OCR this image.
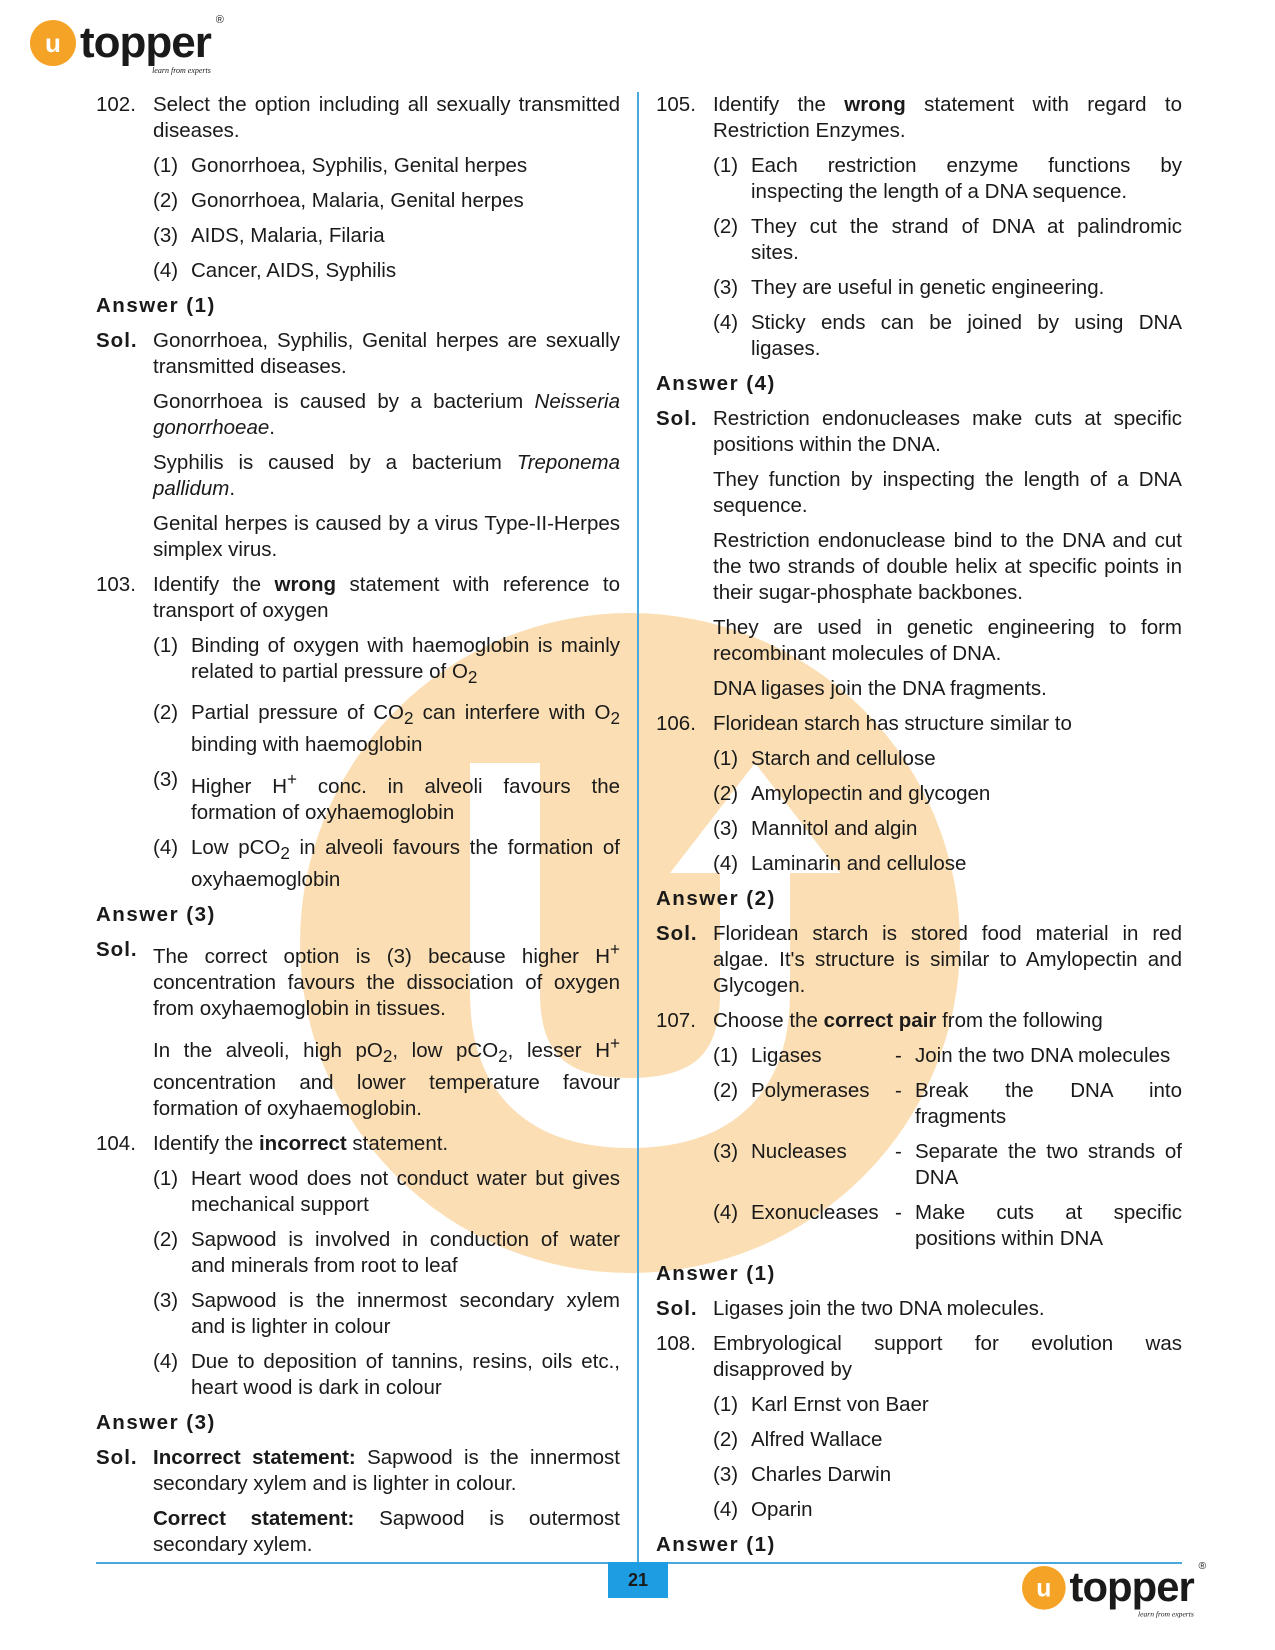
u topper ®
learn from experts
102. Select the option including all sexually transmitted diseases.
(1) Gonorrhoea, Syphilis, Genital herpes
(2) Gonorrhoea, Malaria, Genital herpes
(3) AIDS, Malaria, Filaria
(4) Cancer, AIDS, Syphilis
Answer (1)
Sol. Gonorrhoea, Syphilis, Genital herpes are sexually transmitted diseases.
Gonorrhoea is caused by a bacterium Neisseria gonorrhoeae.
Syphilis is caused by a bacterium Treponema pallidum.
Genital herpes is caused by a virus Type-II-Herpes simplex virus.
103. Identify the wrong statement with reference to transport of oxygen
(1) Binding of oxygen with haemoglobin is mainly related to partial pressure of $O_2$
(2) Partial pressure of $CO_2$ can interfere with $O_2$ binding with haemoglobin
(3) Higher H+ conc. in alveoli favours the formation of oxyhaemoglobin
(4) Low pCO$_2$ in alveoli favours the formation of oxyhaemoglobin
Answer (3)
Sol. The correct option is (3) because higher H+ concentration favours the dissociation of oxygen from oxyhaemoglobin in tissues.
In the alveoli, high $pO_2$, low pCO$_2$, lesser H+ concentration and lower temperature favour formation of oxyhaemoglobin.
104. Identify the incorrect statement.
(1) Heart wood does not conduct water but gives mechanical support
(2) Sapwood is involved in conduction of water and minerals from root to leaf
(3) Sapwood is the innermost secondary xylem and is lighter in colour
(4) Due to deposition of tannins, resins, oils etc., heart wood is dark in colour
Answer (3)
Sol. Incorrect statement: Sapwood is the innermost secondary xylem and is lighter in colour.
Correct statement: Sapwood is outermost secondary xylem.
105. Identify the wrong statement with regard to Restriction Enzymes.
(1) Each restriction enzyme functions by inspecting the length of a DNA sequence.
(2) They cut the strand of DNA at palindromic sites.
(3) They are useful in genetic engineering.
(4) Sticky ends can be joined by using DNA ligases.
Answer (4)
Sol. Restriction endonucleases make cuts at specific positions within the DNA.
They function by inspecting the length of a DNA sequence.
Restriction endonuclease bind to the DNA and cut the two strands of double helix at specific points in their sugar-phosphate backbones.
They are used in genetic engineering to form recombinant molecules of DNA.
DNA ligases join the DNA fragments.
106. Floridean starch has structure similar to
(1) Starch and cellulose
(2) Amylopectin and glycogen
(3) Mannitol and algin
(4) Laminarin and cellulose
Answer (2)
Sol. Floridean starch is stored food material in red algae. It's structure is similar to Amylopectin and Glycogen.
107. Choose the correct pair from the following
(1) Ligases	- Join the two DNA molecules
(2) Polymerases	- Break the DNA into fragments
(3) Nucleases	- Separate the two strands of DNA
(4) Exonucleases - Make cuts at specific positions within DNA
Answer (1)
Sol. Ligases join the two DNA molecules.
108. Embryological support for evolution was disapproved by
(1) Karl Ernst von Baer
(2) Alfred Wallace
(3) Charles Darwin
(4) Oparin
Answer (1)
21	u topper ®
learn from experts
